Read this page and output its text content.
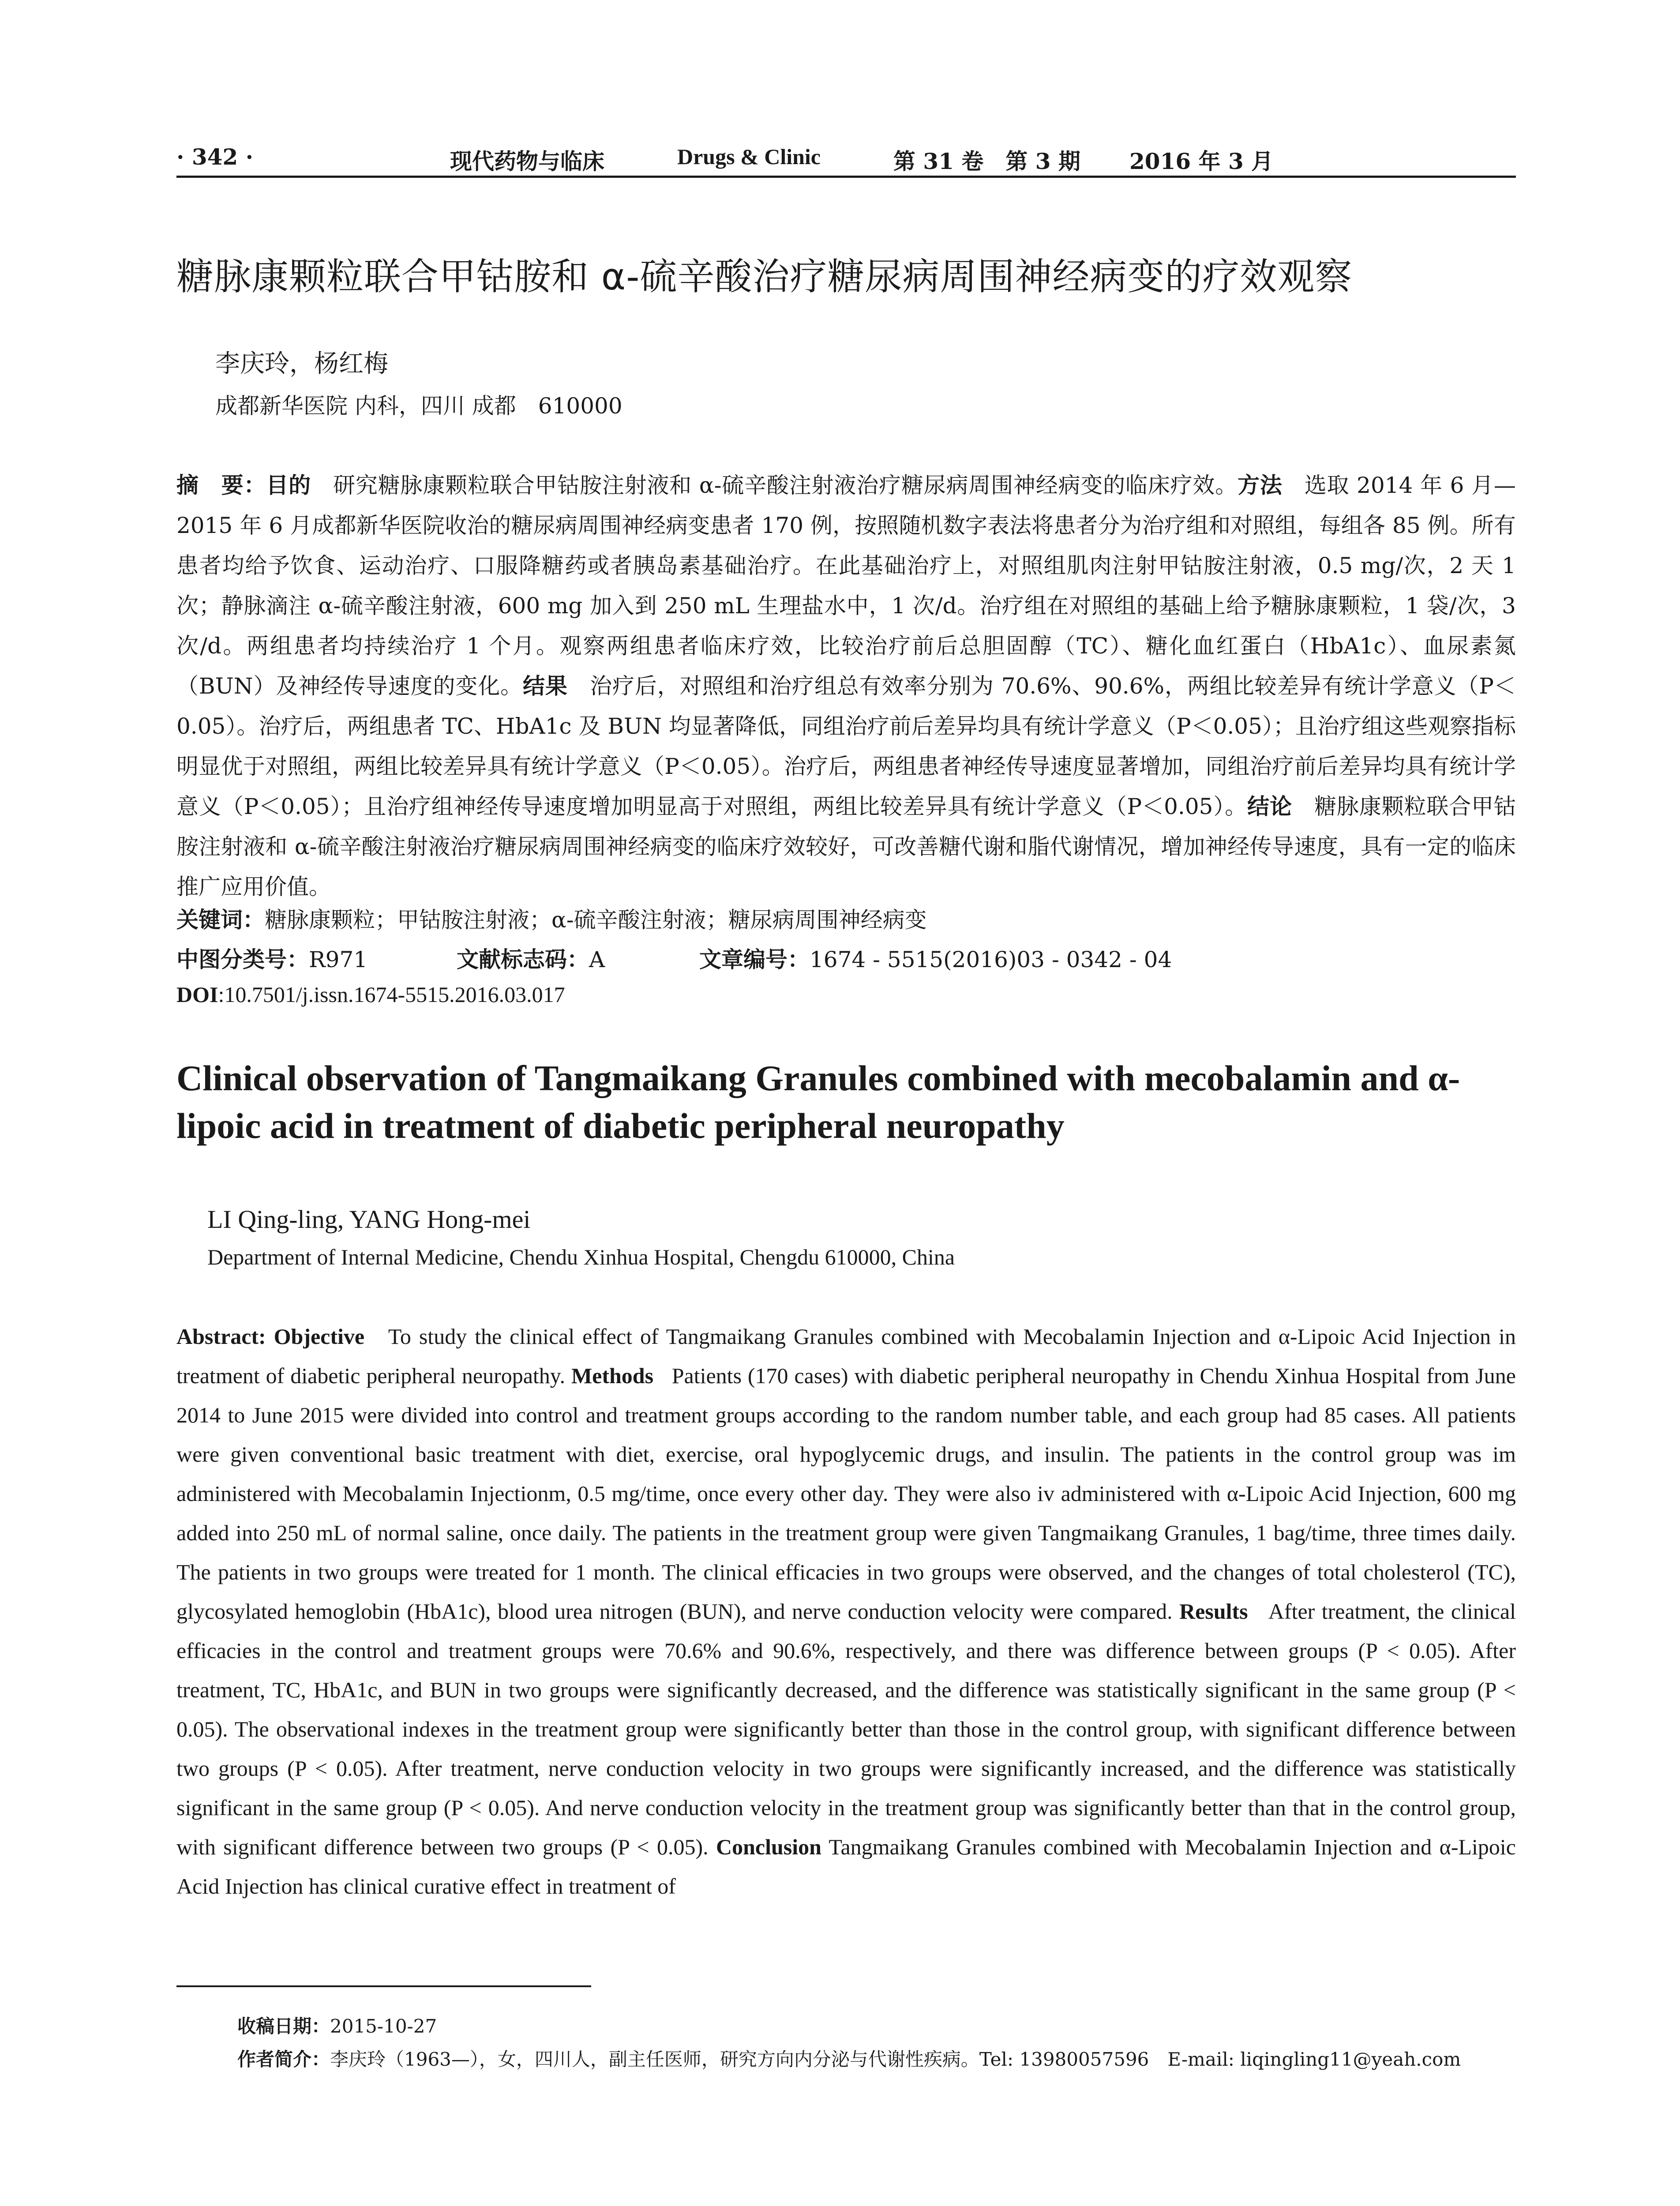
· 342 ·	现代药物与临床	Drugs & Clinic	第 31 卷　第 3 期 2016 年 3 月
糖脉康颗粒联合甲钴胺和 α-硫辛酸治疗糖尿病周围神经病变的疗效观察
李庆玲，杨红梅
成都新华医院 内科，四川 成都　610000
摘　要：目的 研究糖脉康颗粒联合甲钴胺注射液和 α-硫辛酸注射液治疗糖尿病周围神经病变的临床疗效。方法 选取 2014 年 6 月—2015 年 6 月成都新华医院收治的糖尿病周围神经病变患者 170 例，按照随机数字表法将患者分为治疗组和对照组，每组各 85 例。所有患者均给予饮食、运动治疗、口服降糖药或者胰岛素基础治疗。在此基础治疗上，对照组肌肉注射甲钴胺注射液，0.5 mg/次，2 天 1 次；静脉滴注 α-硫辛酸注射液，600 mg 加入到 250 mL 生理盐水中，1 次/d。治疗组在对照组的基础上给予糖脉康颗粒，1 袋/次，3 次/d。两组患者均持续治疗 1 个月。观察两组患者临床疗效，比较治疗前后总胆固醇（TC）、糖化血红蛋白（HbA1c）、血尿素氮（BUN）及神经传导速度的变化。结果 治疗后，对照组和治疗组总有效率分别为 70.6%、90.6%，两组比较差异有统计学意义（P＜0.05）。治疗后，两组患者 TC、HbA1c 及 BUN 均显著降低，同组治疗前后差异均具有统计学意义（P＜0.05）；且治疗组这些观察指标明显优于对照组，两组比较差异具有统计学意义（P＜0.05）。治疗后，两组患者神经传导速度显著增加，同组治疗前后差异均具有统计学意义（P＜0.05）；且治疗组神经传导速度增加明显高于对照组，两组比较差异具有统计学意义（P＜0.05）。结论 糖脉康颗粒联合甲钴胺注射液和 α-硫辛酸注射液治疗糖尿病周围神经病变的临床疗效较好，可改善糖代谢和脂代谢情况，增加神经传导速度，具有一定的临床推广应用价值。
关键词：糖脉康颗粒；甲钴胺注射液；α-硫辛酸注射液；糖尿病周围神经病变
中图分类号：R971	文献标志码：A	文章编号：1674 - 5515(2016)03 - 0342 - 04
DOI:10.7501/j.issn.1674-5515.2016.03.017
Clinical observation of Tangmaikang Granules combined with mecobalamin and α-lipoic acid in treatment of diabetic peripheral neuropathy
LI Qing-ling, YANG Hong-mei
Department of Internal Medicine, Chendu Xinhua Hospital, Chengdu 610000, China
Abstract: Objective To study the clinical effect of Tangmaikang Granules combined with Mecobalamin Injection and α-Lipoic Acid Injection in treatment of diabetic peripheral neuropathy. Methods Patients (170 cases) with diabetic peripheral neuropathy in Chendu Xinhua Hospital from June 2014 to June 2015 were divided into control and treatment groups according to the random number table, and each group had 85 cases. All patients were given conventional basic treatment with diet, exercise, oral hypoglycemic drugs, and insulin. The patients in the control group was im administered with Mecobalamin Injectionm, 0.5 mg/time, once every other day. They were also iv administered with α-Lipoic Acid Injection, 600 mg added into 250 mL of normal saline, once daily. The patients in the treatment group were given Tangmaikang Granules, 1 bag/time, three times daily. The patients in two groups were treated for 1 month. The clinical efficacies in two groups were observed, and the changes of total cholesterol (TC), glycosylated hemoglobin (HbA1c), blood urea nitrogen (BUN), and nerve conduction velocity were compared. Results After treatment, the clinical efficacies in the control and treatment groups were 70.6% and 90.6%, respectively, and there was difference between groups (P < 0.05). After treatment, TC, HbA1c, and BUN in two groups were significantly decreased, and the difference was statistically significant in the same group (P < 0.05). The observational indexes in the treatment group were significantly better than those in the control group, with significant difference between two groups (P < 0.05). After treatment, nerve conduction velocity in two groups were significantly increased, and the difference was statistically significant in the same group (P < 0.05). And nerve conduction velocity in the treatment group was significantly better than that in the control group, with significant difference between two groups (P < 0.05). Conclusion Tangmaikang Granules combined with Mecobalamin Injection and α-Lipoic Acid Injection has clinical curative effect in treatment of
收稿日期：2015-10-27
作者简介：李庆玲（1963—），女，四川人，副主任医师，研究方向内分泌与代谢性疾病。Tel: 13980057596　E-mail: liqingling11@yeah.com
